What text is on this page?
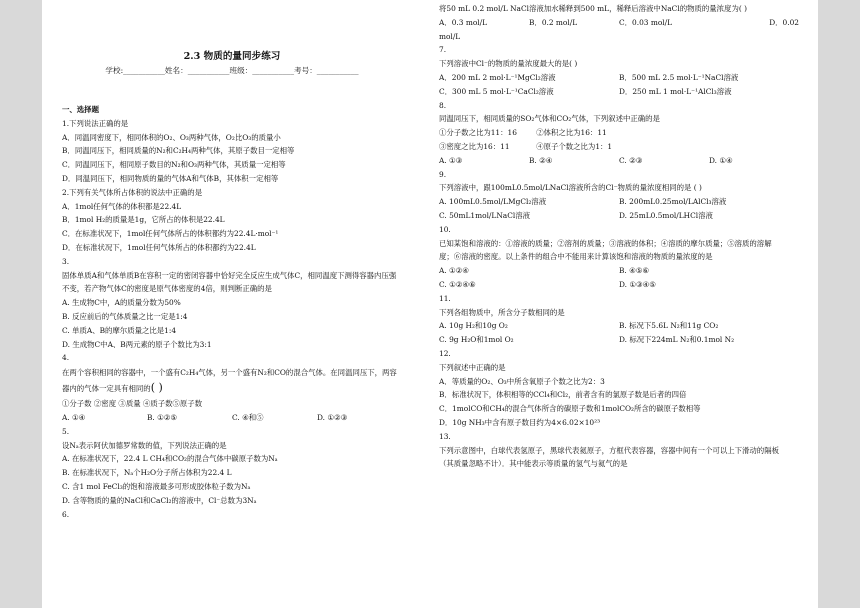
2.3 物质的量同步练习
学校:___________姓名：___________班级：___________考号：___________
一、选择题
1.下列说法正确的是
A．同温同密度下，相同体积的O₂、O₃两种气体，O₂比O₃的质量小
B．同温同压下，相同质量的N₂和C₂H₄两种气体，其原子数目一定相等
C．同温同压下，相同原子数目的N₂和O₃两种气体，其质量一定相等
D．同温同压下，相同物质的量的气体A和气体B，其体积一定相等
2.下列有关气体所占体积的说法中正确的是
A．1mol任何气体的体积都是22.4L
B．1mol H₂的质量是1g，它所占的体积是22.4L
C．在标准状况下，1mol任何气体所占的体积都约为22.4L·mol⁻¹
D．在标准状况下，1mol任何气体所占的体积都约为22.4L
3.
固体单质A和气体单质B在容积一定的密闭容器中恰好完全反应生成气体C，相同温度下测得容器内压强
不变，若产物气体C的密度是原气体密度的4倍，则判断正确的是
A. 生成物C中，A的质量分数为50%
B. 反应前后的气体质量之比一定是1:4
C. 单质A、B的摩尔质量之比是1:4
D. 生成物C中A、B两元素的原子个数比为3:1
4.
在两个容积相同的容器中，一个盛有C₂H₄气体，另一个盛有N₂和CO的混合气体。在同温同压下，两容
器内的气体一定具有相同的( )
①分子数 ②密度 ③质量 ④质子数⑤原子数
A. ①④	B. ①②⑤	C. ④和⑤	D. ①②③
5.
设Nₐ表示阿伏加德罗常数的值，下列说法正确的是
A. 在标准状况下，22.4 L CH₄和CO₂的混合气体中碳原子数为Nₐ
B. 在标准状况下，Nₐ个H₂O分子所占体积为22.4 L
C. 含1 mol FeCl₃的饱和溶液最多可形成胶体粒子数为Nₐ
D. 含等物质的量的NaCl和CaCl₂的溶液中，Cl⁻总数为3Nₐ
6.
将50 mL 0.2 mol/L NaCl溶液加水稀释到500 mL，稀释后溶液中NaCl的物质的量浓度为( )
A．0.3 mol/L	B．0.2 mol/L	C．0.03 mol/L	D．0.02
mol/L
7.
下列溶液中Cl⁻的物质的量浓度最大的是( )
A．200 mL 2 mol·L⁻¹MgCl₂溶液	B．500 mL 2.5 mol·L⁻¹NaCl溶液
C．300 mL 5 mol·L⁻¹CaCl₂溶液	D．250 mL 1 mol·L⁻¹AlCl₃溶液
8.
同温同压下，相同质量的SO₂气体和CO₂气体，下列叙述中正确的是
①分子数之比为11：16	②体积之比为16：11
③密度之比为16：11	④原子个数之比为1：1
A. ①③	B. ②④	C. ②③	D. ①④
9.
下列溶液中，跟100mL0.5mol/LNaCl溶液所含的Cl⁻物质的量浓度相同的是 ( )
A. 100mL0.5mol/LMgCl₂溶液	B. 200mL0.25mol/LAlCl₃溶液
C. 50mL1mol/LNaCl溶液	D. 25mL0.5mol/LHCl溶液
10.
已知某饱和溶液的：①溶液的质量；②溶剂的质量；③溶液的体积；④溶质的摩尔质量；⑤溶质的溶解
度；⑥溶液的密度。以上条件的组合中不能用来计算该饱和溶液的物质的量浓度的是
A. ①②④	B. ④⑤⑥
C. ①②④⑥	D. ①③④⑤
11.
下列各组物质中，所含分子数相同的是
A. 10g H₂和10g O₂	B. 标况下5.6L N₂和11g CO₂
C. 9g H₂O和1mol O₂	D. 标况下224mL N₂和0.1mol N₂
12.
下列叙述中正确的是
A．等质量的O₂、O₃中所含氧原子个数之比为2：3
B．标准状况下，体积相等的CCl₄和Cl₂，前者含有的氯原子数是后者的四倍
C．1molCO和CH₄的混合气体所含的碳原子数和1molCO₂所含的碳原子数相等
D．10g NH₃中含有原子数目约为4×6.02×10²³
13.
下列示意图中，白球代表氢原子，黑球代表氦原子，方框代表容器，容器中间有一个可以上下滑动的隔板
（其质量忽略不计）．其中能表示等质量的氢气与氦气的是
